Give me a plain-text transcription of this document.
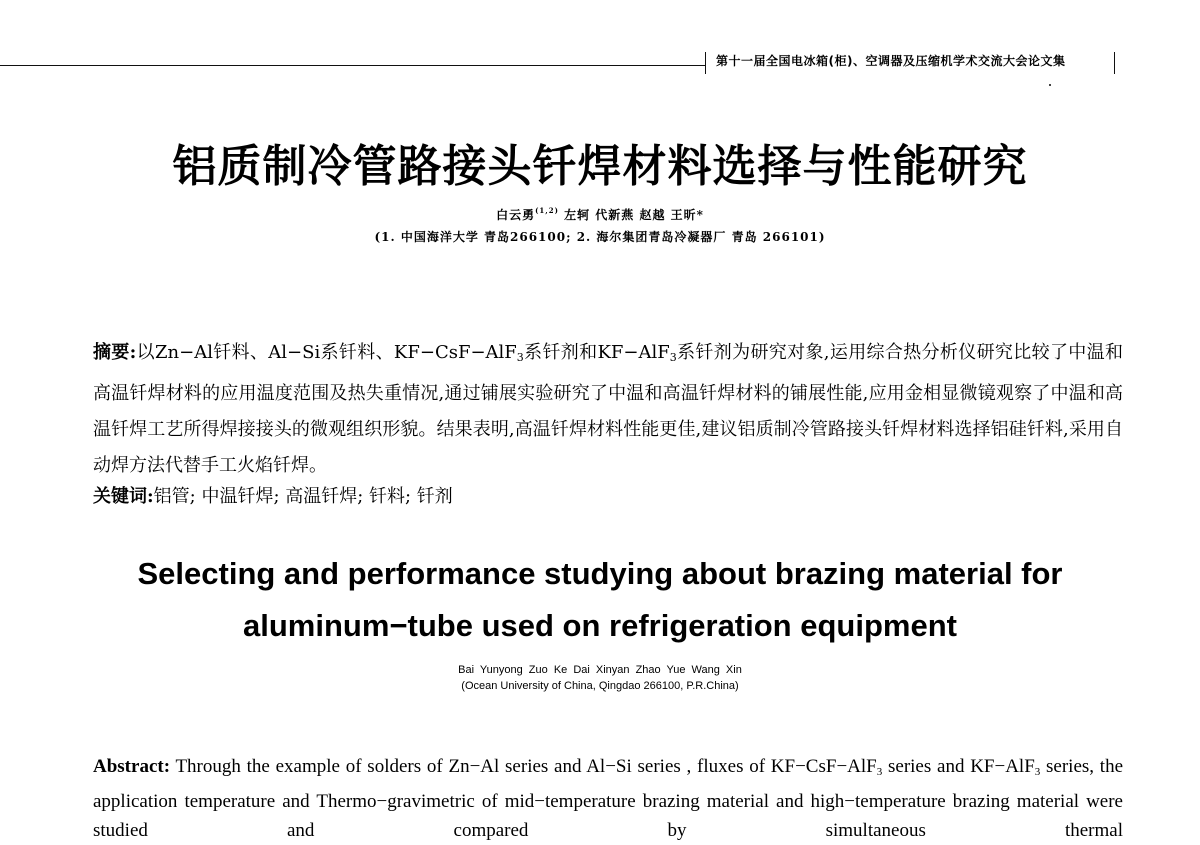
第十一届全国电冰箱(柜)、空调器及压缩机学术交流大会论文集
铝质制冷管路接头钎焊材料选择与性能研究
白云勇$^{(1,2)}$ 左轲 代新燕 赵越 王昕*
(1. 中国海洋大学 青岛266100; 2. 海尔集团青岛冷凝器厂 青岛 266101)
摘要:以Zn−Al钎料、Al−Si系钎料、KF−CsF−AlF$_3$系钎剂和KF−AlF$_3$系钎剂为研究对象,运用综合热分析仪研究比较了中温和高温钎焊材料的应用温度范围及热失重情况,通过铺展实验研究了中温和高温钎焊材料的铺展性能,应用金相显微镜观察了中温和高温钎焊工艺所得焊接接头的微观组织形貌。结果表明,高温钎焊材料性能更佳,建议铝质制冷管路接头钎焊材料选择铝硅钎料,采用自动焊方法代替手工火焰钎焊。
关键词:铝管; 中温钎焊; 高温钎焊; 钎料; 钎剂
Selecting and performance studying about brazing material for
aluminum−tube used on refrigeration equipment
Bai Yunyong Zuo Ke Dai Xinyan Zhao Yue Wang Xin
(Ocean University of China, Qingdao 266100, P.R.China)
Abstract: Through the example of solders of Zn−Al series and Al−Si series , fluxes of KF−CsF−AlF$_3$ series and KF−AlF$_3$ series, the application temperature and Thermo−gravimetric of mid−temperature brazing material and high−temperature brazing material were studied and compared by simultaneous thermal
